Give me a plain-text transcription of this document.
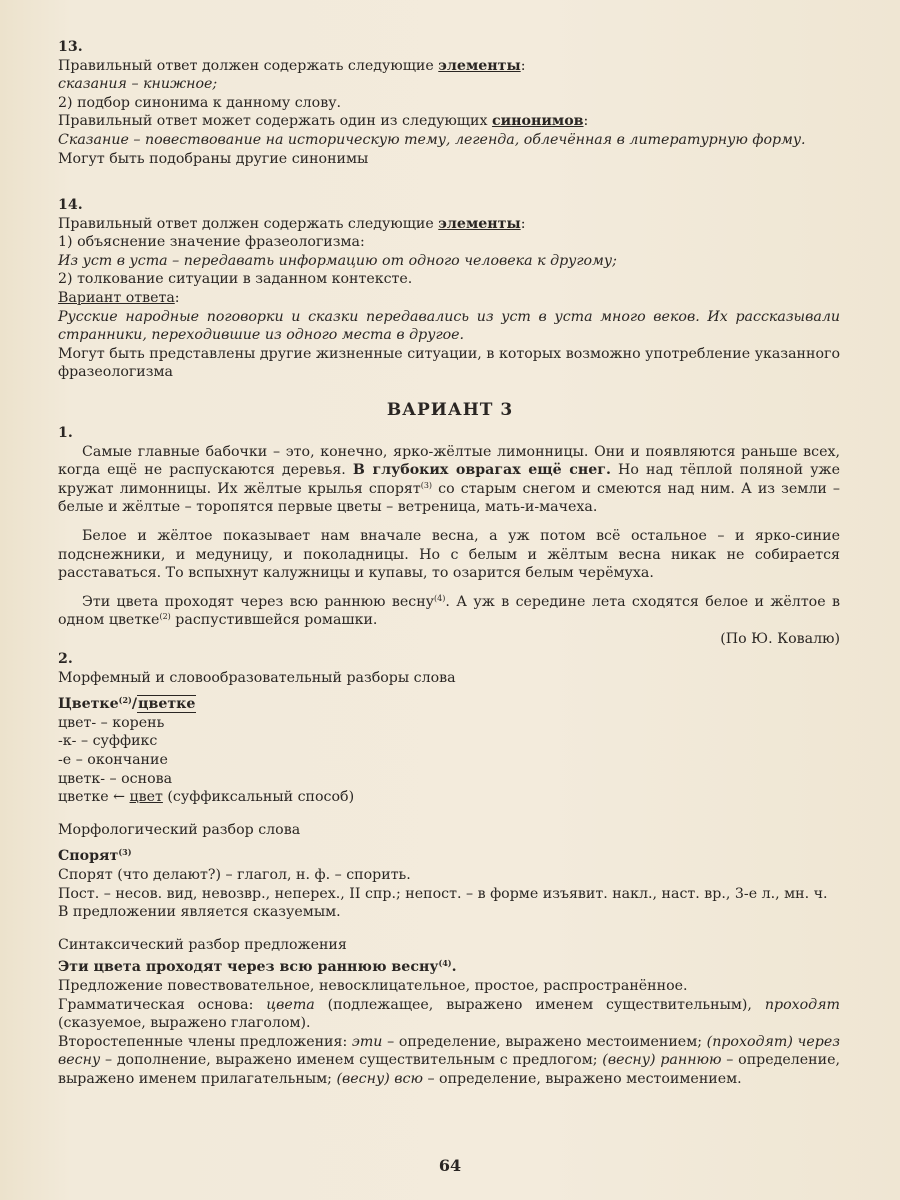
13.
Правильный ответ должен содержать следующие элементы:
сказания – книжное;
2) подбор синонима к данному слову.
Правильный ответ может содержать один из следующих синонимов:
Сказание – повествование на историческую тему, легенда, облечённая в литературную форму.
Могут быть подобраны другие синонимы
14.
Правильный ответ должен содержать следующие элементы:
1) объяснение значение фразеологизма:
Из уст в уста – передавать информацию от одного человека к другому;
2) толкование ситуации в заданном контексте.
Вариант ответа:
Русские народные поговорки и сказки передавались из уст в уста много веков. Их рассказывали странники, переходившие из одного места в другое.
Могут быть представлены другие жизненные ситуации, в которых возможно употребление указанного фразеологизма
ВАРИАНТ 3
1.
Самые главные бабочки – это, конечно, ярко-жёлтые лимонницы. Они и появляются раньше всех, когда ещё не распускаются деревья. В глубоких оврагах ещё снег. Но над тёплой поляной уже кружат лимонницы. Их жёлтые крылья спорят$^{(3)}$ со старым снегом и смеются над ним. А из земли – белые и жёлтые – торопятся первые цветы – ветреница, мать-и-мачеха.
Белое и жёлтое показывает нам вначале весна, а уж потом всё остальное – и ярко-синие подснежники, и медуницу, и поколадницы. Но с белым и жёлтым весна никак не собирается расставаться. То вспыхнут калужницы и купавы, то озарится белым черёмуха.
Эти цвета проходят через всю раннюю весну$^{(4)}$. А уж в середине лета сходятся белое и жёлтое в одном цветке$^{(2)}$ распустившейся ромашки.
(По Ю. Ковалю)
2.
Морфемный и словообразовательный разборы слова
Цветке$^{(2)}$/цветке
цвет- – корень
-к- – суффикс
-е – окончание
цветк- – основа
цветке ← цвет (суффиксальный способ)
Морфологический разбор слова
Спорят$^{(3)}$
Спорят (что делают?) – глагол, н. ф. – спорить.
Пост. – несов. вид, невозвр., неперех., II спр.; непост. – в форме изъявит. накл., наст. вр., 3-е л., мн. ч.
В предложении является сказуемым.
Синтаксический разбор предложения
Эти цвета проходят через всю раннюю весну$^{(4)}$.
Предложение повествовательное, невосклицательное, простое, распространённое.
Грамматическая основа: цвета (подлежащее, выражено именем существительным), проходят (сказуемое, выражено глаголом).
Второстепенные члены предложения: эти – определение, выражено местоимением; (проходят) через весну – дополнение, выражено именем существительным с предлогом; (весну) раннюю – определение, выражено именем прилагательным; (весну) всю – определение, выражено местоимением.
64
